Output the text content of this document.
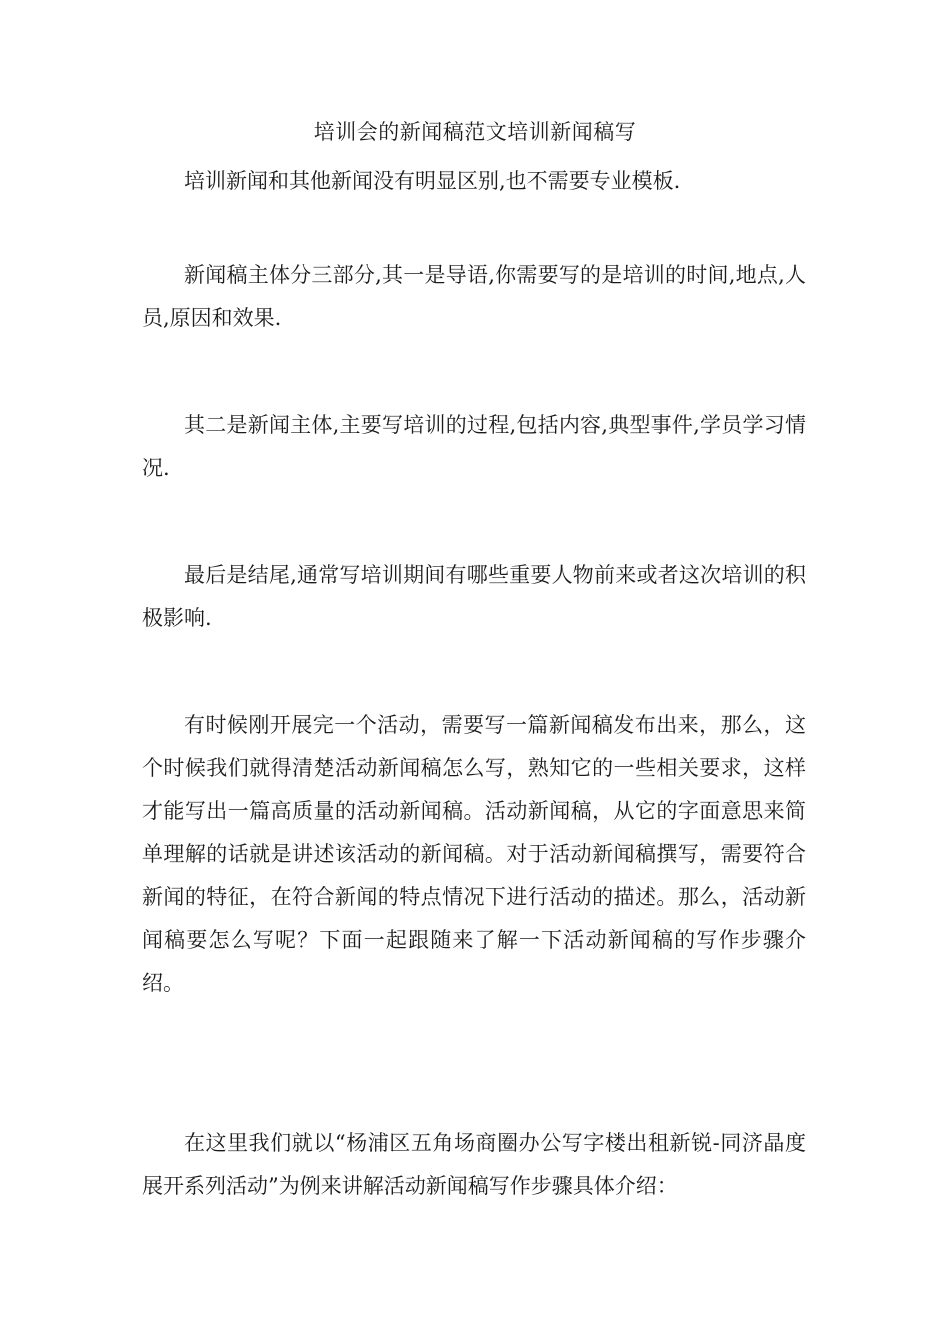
培训会的新闻稿范文培训新闻稿写

培训新闻和其他新闻没有明显区别,也不需要专业模板.

新闻稿主体分三部分,其一是导语,你需要写的是培训的时间,地点,人员,原因和效果.

其二是新闻主体,主要写培训的过程,包括内容,典型事件,学员学习情况.

最后是结尾,通常写培训期间有哪些重要人物前来或者这次培训的积极影响.

有时候刚开展完一个活动，需要写一篇新闻稿发布出来，那么，这个时候我们就得清楚活动新闻稿怎么写，熟知它的一些相关要求，这样才能写出一篇高质量的活动新闻稿。活动新闻稿，从它的字面意思来简单理解的话就是讲述该活动的新闻稿。对于活动新闻稿撰写，需要符合新闻的特征，在符合新闻的特点情况下进行活动的描述。那么，活动新闻稿要怎么写呢？下面一起跟随来了解一下活动新闻稿的写作步骤介绍。

在这里我们就以“杨浦区五角场商圈办公写字楼出租新锐-同济晶度展开系列活动”为例来讲解活动新闻稿写作步骤具体介绍：
